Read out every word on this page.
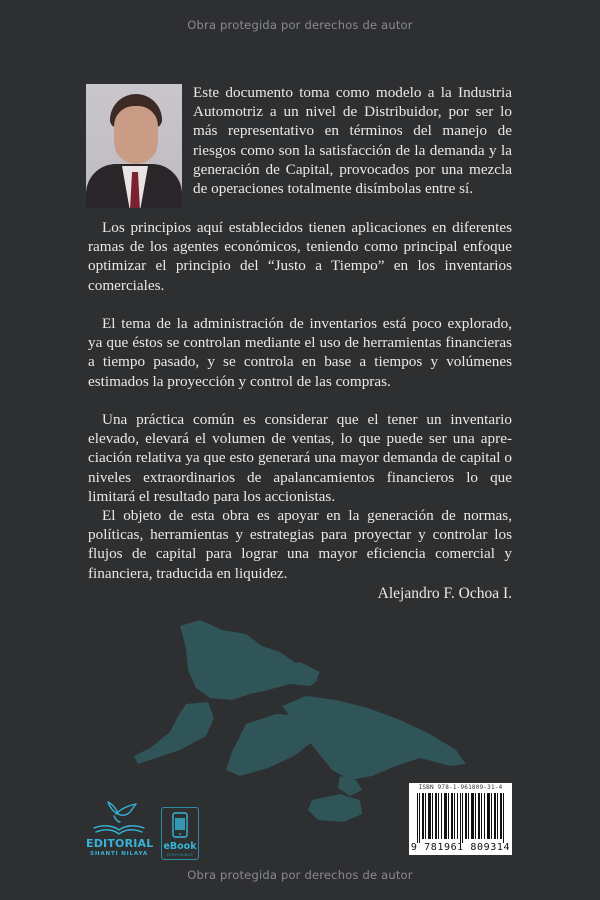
Obra protegida por derechos de autor
Este documento toma como modelo a la Industria Automotriz a un nivel de Distribuidor, por ser lo más representativo en términos del manejo de riesgos como son la satisfacción de la demanda y la generación de Capital, provocados por una mezcla de operaciones totalmente disímbolas entre sí.
Los principios aquí establecidos tienen aplicaciones en diferentes ramas de los agentes económicos, teniendo como principal enfoque optimizar el principio del “Justo a Tiempo” en los inventarios comerciales.
El tema de la administración de inventarios está poco explorado, ya que éstos se controlan mediante el uso de herramientas financieras a tiempo pasado, y se controla en base a tiempos y volúmenes estimados la proyección y control de las compras.
Una práctica común es considerar que el tener un inventario elevado, elevará el volumen de ventas, lo que puede ser una apreciación relativa ya que esto generará una mayor demanda de capital o niveles extraordinarios de apalancamientos financieros lo que limitará el resultado para los accionistas.
El objeto de esta obra es apoyar en la generación de normas, políticas, herramientas y estrategias para proyectar y controlar los flujos de capital para lograr una mayor eficiencia comercial y financiera, traducida en liquidez.
Alejandro F. Ochoa I.
ISBN 978-1-961809-31-4
9 781961 809314
EDITORIAL
SHANTI NILAYA
eBook
DISPONIBLE
Obra protegida por derechos de autor
